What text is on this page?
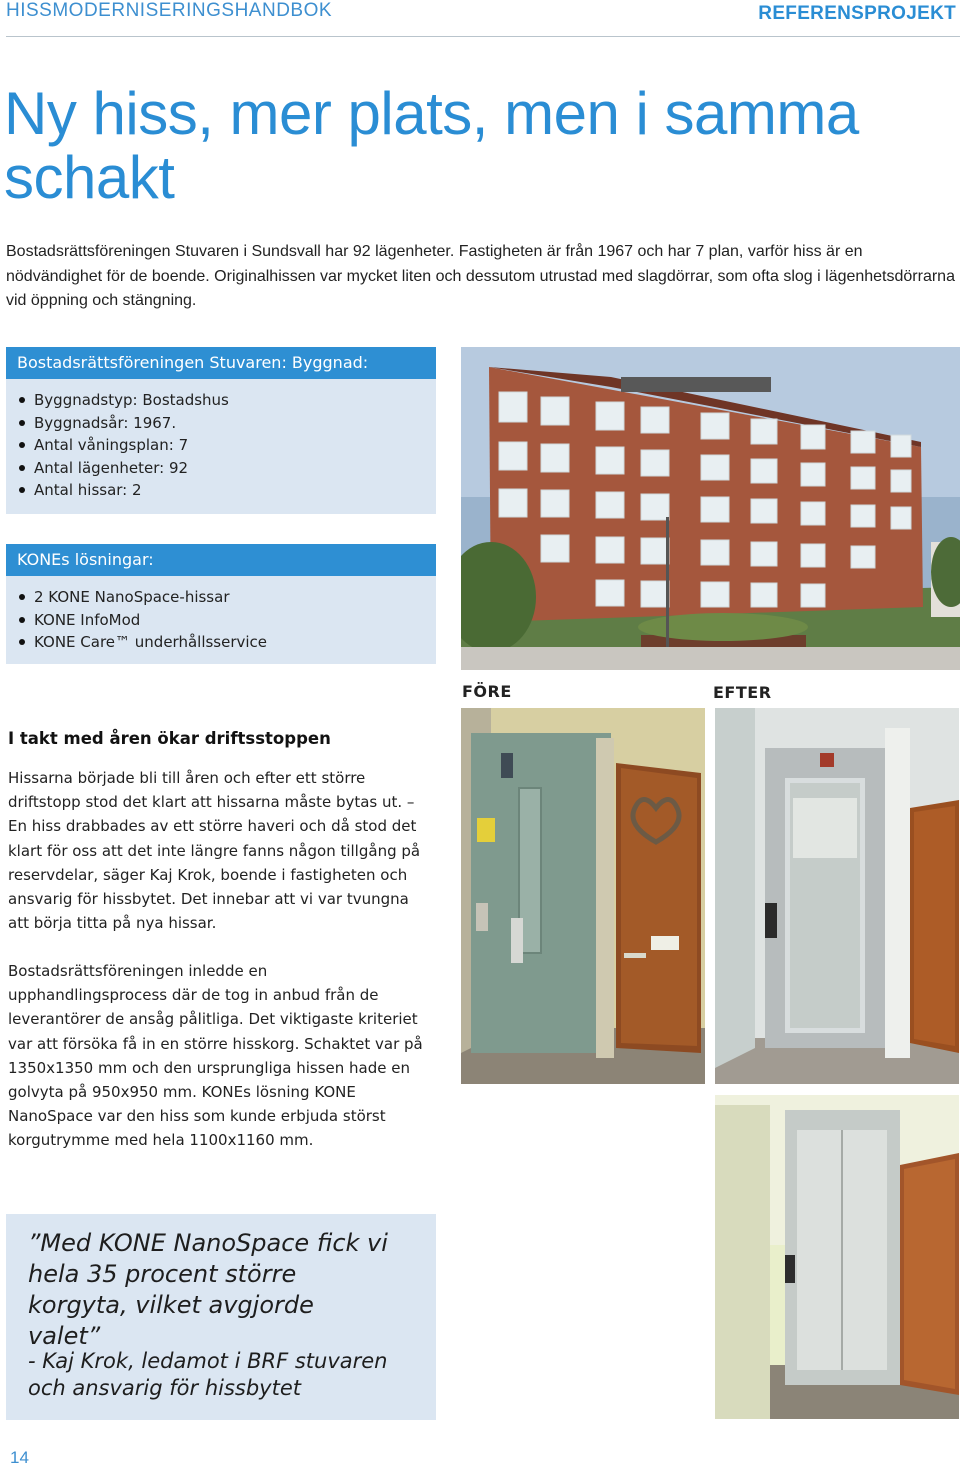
HISSMODERNISERINGSHANDBOK	REFERENSPROJEKT
Ny hiss, mer plats, men i samma schakt

Bostadsrättsföreningen Stuvaren i Sundsvall har 92 lägenheter. Fastigheten är från 1967 och har 7 plan, varför hiss är en nödvändighet för de boende. Originalhissen var mycket liten och dessutom utrustad med slagdörrar, som ofta slog i lägenhetsdörrarna vid öppning och stängning.

Bostadsrättsföreningen Stuvaren: Byggnad:
Byggnadstyp: Bostadshus
Byggnadsår: 1967.
Antal våningsplan: 7
Antal lägenheter: 92
Antal hissar: 2
KONEs lösningar:
2 KONE NanoSpace-hissar
KONE InfoMod
KONE Care™ underhållsservice
FÖRE	EFTER
I takt med åren ökar driftsstoppen

Hissarna började bli till åren och efter ett större driftstopp stod det klart att hissarna måste bytas ut. – En hiss drabbades av ett större haveri och då stod det klart för oss att det inte längre fanns någon tillgång på reservdelar, säger Kaj Krok, boende i fastigheten och ansvarig för hissbytet. Det innebar att vi var tvungna att börja titta på nya hissar.

Bostadsrättsföreningen inledde en upphandlingsprocess där de tog in anbud från de leverantörer de ansåg pålitliga. Det viktigaste kriteriet var att försöka få in en större hisskorg. Schaktet var på 1350x1350 mm och den ursprungliga hissen hade en golvyta på 950x950 mm. KONEs lösning KONE NanoSpace var den hiss som kunde erbjuda störst korgutrymme med hela 1100x1160 mm.

”Med KONE NanoSpace fick vi hela 35 procent större korgyta, vilket avgjorde valet”

- Kaj Krok, ledamot i BRF stuvaren och ansvarig för hissbytet

14
